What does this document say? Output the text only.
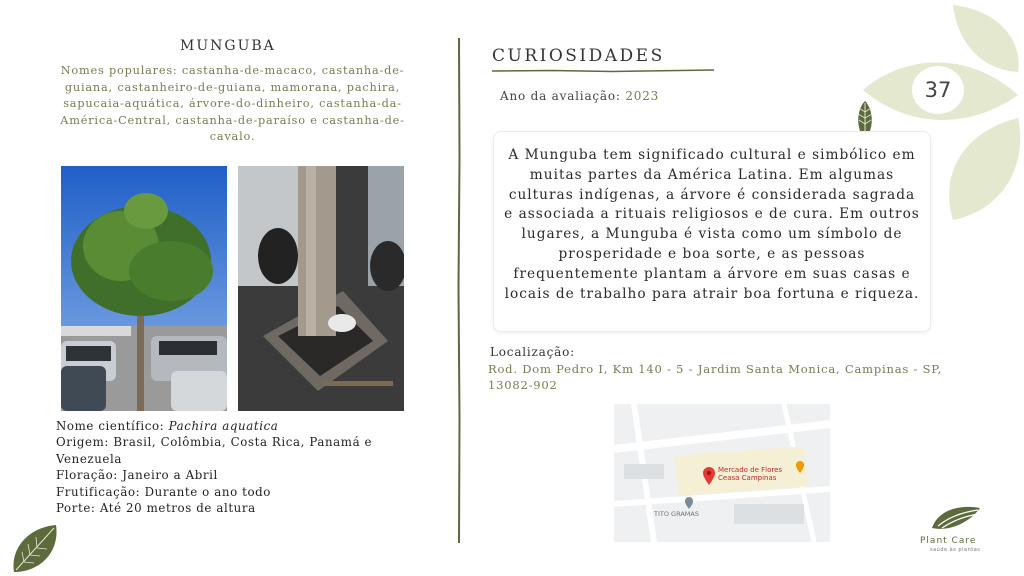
37
MUNGUBA
Nomes populares: castanha-de-macaco, castanha-de-guiana, castanheiro-de-guiana, mamorana, pachira, sapucaia-aquática, árvore-do-dinheiro, castanha-da-América-Central, castanha-de-paraíso e castanha-de-cavalo.
Nome científico: Pachira aquatica
Origem: Brasil, Colômbia, Costa Rica, Panamá e Venezuela
Floração: Janeiro a Abril
Frutificação: Durante o ano todo
Porte: Até 20 metros de altura
CURIOSIDADES
Ano da avaliação: 2023

A Munguba tem significado cultural e simbólico em muitas partes da América Latina. Em algumas culturas indígenas, a árvore é considerada sagrada e associada a rituais religiosos e de cura. Em outros lugares, a Munguba é vista como um símbolo de prosperidade e boa sorte, e as pessoas frequentemente plantam a árvore em suas casas e locais de trabalho para atrair boa fortuna e riqueza.

Localização:
Rod. Dom Pedro I, Km 140 - 5 - Jardim Santa Monica, Campinas - SP, 13082-902
Mercado de Flores
Ceasa Campinas
TITO GRAMAS
Plant Care
saúde às plantas
